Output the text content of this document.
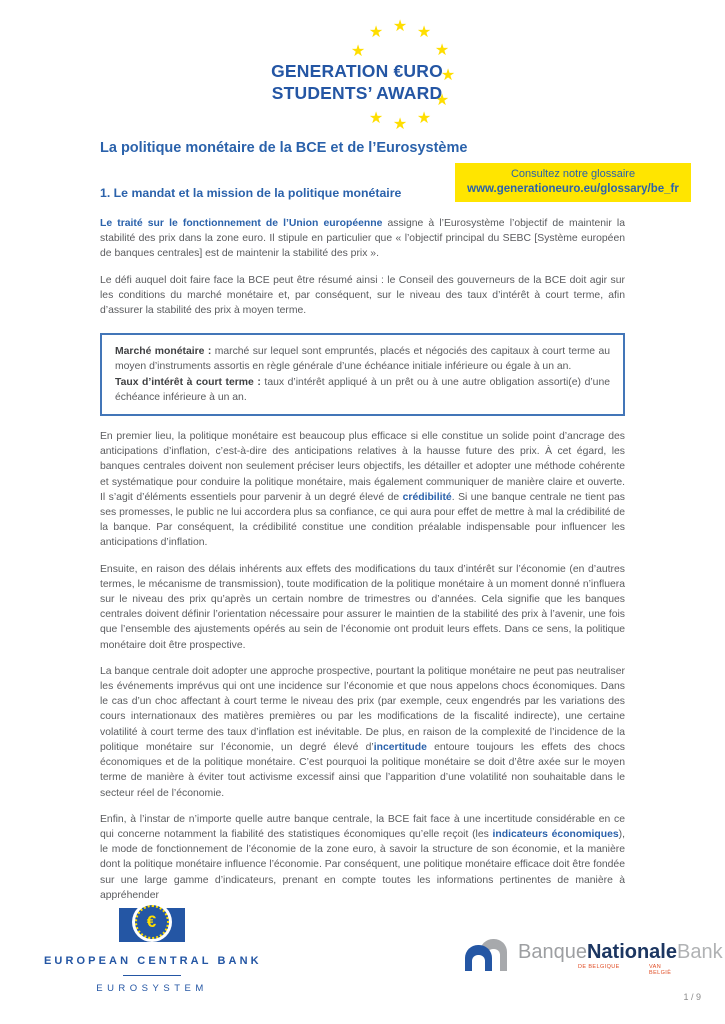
★
★
★
★
★
★
★
★
★
★
GENERATION €URO
STUDENTS’ AWARD
La politique monétaire de la BCE et de l’Eurosystème
Consultez notre glossaire
www.generationeuro.eu/glossary/be_fr
1. Le mandat et la mission de la politique monétaire

Le traité sur le fonctionnement de l’Union européenne assigne à l’Eurosystème l’objectif de maintenir la stabilité des prix dans la zone euro. Il stipule en particulier que « l’objectif principal du SEBC [Système européen de banques centrales] est de maintenir la stabilité des prix ».

Le défi auquel doit faire face la BCE peut être résumé ainsi : le Conseil des gouverneurs de la BCE doit agir sur les conditions du marché monétaire et, par conséquent, sur le niveau des taux d’intérêt à court terme, afin d’assurer la stabilité des prix à moyen terme.

Marché monétaire : marché sur lequel sont empruntés, placés et négociés des capitaux à court terme au moyen d’instruments assortis en règle générale d’une échéance initiale inférieure ou égale à un an.
Taux d’intérêt à court terme : taux d’intérêt appliqué à un prêt ou à une autre obligation assorti(e) d’une échéance inférieure à un an.

En premier lieu, la politique monétaire est beaucoup plus efficace si elle constitue un solide point d’ancrage des anticipations d’inflation, c’est-à-dire des anticipations relatives à la hausse future des prix. À cet égard, les banques centrales doivent non seulement préciser leurs objectifs, les détailler et adopter une méthode cohérente et systématique pour conduire la politique monétaire, mais également communiquer de manière claire et ouverte. Il s’agit d’éléments essentiels pour parvenir à un degré élevé de crédibilité. Si une banque centrale ne tient pas ses promesses, le public ne lui accordera plus sa confiance, ce qui aura pour effet de mettre à mal la crédibilité de la banque. Par conséquent, la crédibilité constitue une condition préalable indispensable pour influencer les anticipations d’inflation.

Ensuite, en raison des délais inhérents aux effets des modifications du taux d’intérêt sur l’économie (en d’autres termes, le mécanisme de transmission), toute modification de la politique monétaire à un moment donné n’influera sur le niveau des prix qu’après un certain nombre de trimestres ou d’années. Cela signifie que les banques centrales doivent définir l’orientation nécessaire pour assurer le maintien de la stabilité des prix à l’avenir, une fois que l’ensemble des ajustements opérés au sein de l’économie ont produit leurs effets. Dans ce sens, la politique monétaire doit être prospective.

La banque centrale doit adopter une approche prospective, pourtant la politique monétaire ne peut pas neutraliser les événements imprévus qui ont une incidence sur l’économie et que nous appelons chocs économiques. Dans le cas d’un choc affectant à court terme le niveau des prix (par exemple, ceux engendrés par les variations des cours internationaux des matières premières ou par les modifications de la fiscalité indirecte), une certaine volatilité à court terme des taux d’inflation est inévitable. De plus, en raison de la complexité de l’incidence de la politique monétaire sur l’économie, un degré élevé d’incertitude entoure toujours les effets des chocs économiques et de la politique monétaire. C’est pourquoi la politique monétaire se doit d’être axée sur le moyen terme de manière à éviter tout activisme excessif ainsi que l’apparition d’une volatilité non souhaitable dans le secteur réel de l’économie.

Enfin, à l’instar de n’importe quelle autre banque centrale, la BCE fait face à une incertitude considérable en ce qui concerne notamment la fiabilité des statistiques économiques qu’elle reçoit (les indicateurs économiques), le mode de fonctionnement de l’économie de la zone euro, à savoir la structure de son économie, et la manière dont la politique monétaire influence l’économie. Par conséquent, une politique monétaire efficace doit être fondée sur une large gamme d’indicateurs, prenant en compte toutes les informations pertinentes de manière à appréhender

€
EUROPEAN CENTRAL BANK
EUROSYSTEM
BanqueNationaleBank
DE BELGIQUE	VAN BELGIË
1 / 9
